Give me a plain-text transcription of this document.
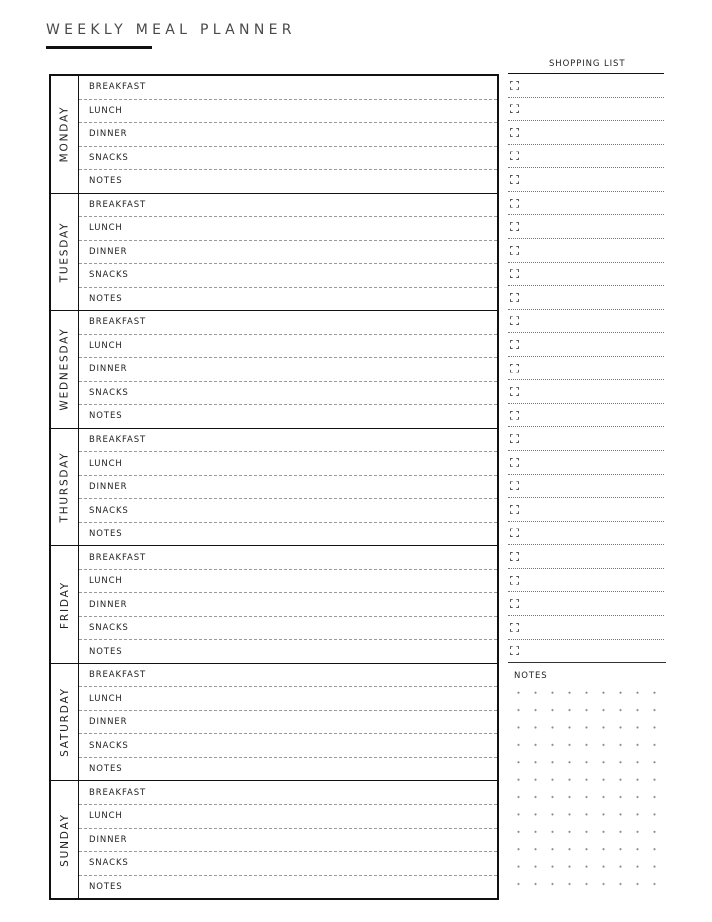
WEEKLY MEAL PLANNER
MONDAY
BREAKFAST
LUNCH
DINNER
SNACKS
NOTES
TUESDAY
BREAKFAST
LUNCH
DINNER
SNACKS
NOTES
WEDNESDAY
BREAKFAST
LUNCH
DINNER
SNACKS
NOTES
THURSDAY
BREAKFAST
LUNCH
DINNER
SNACKS
NOTES
FRIDAY
BREAKFAST
LUNCH
DINNER
SNACKS
NOTES
SATURDAY
BREAKFAST
LUNCH
DINNER
SNACKS
NOTES
SUNDAY
BREAKFAST
LUNCH
DINNER
SNACKS
NOTES
SHOPPING LIST
NOTES
